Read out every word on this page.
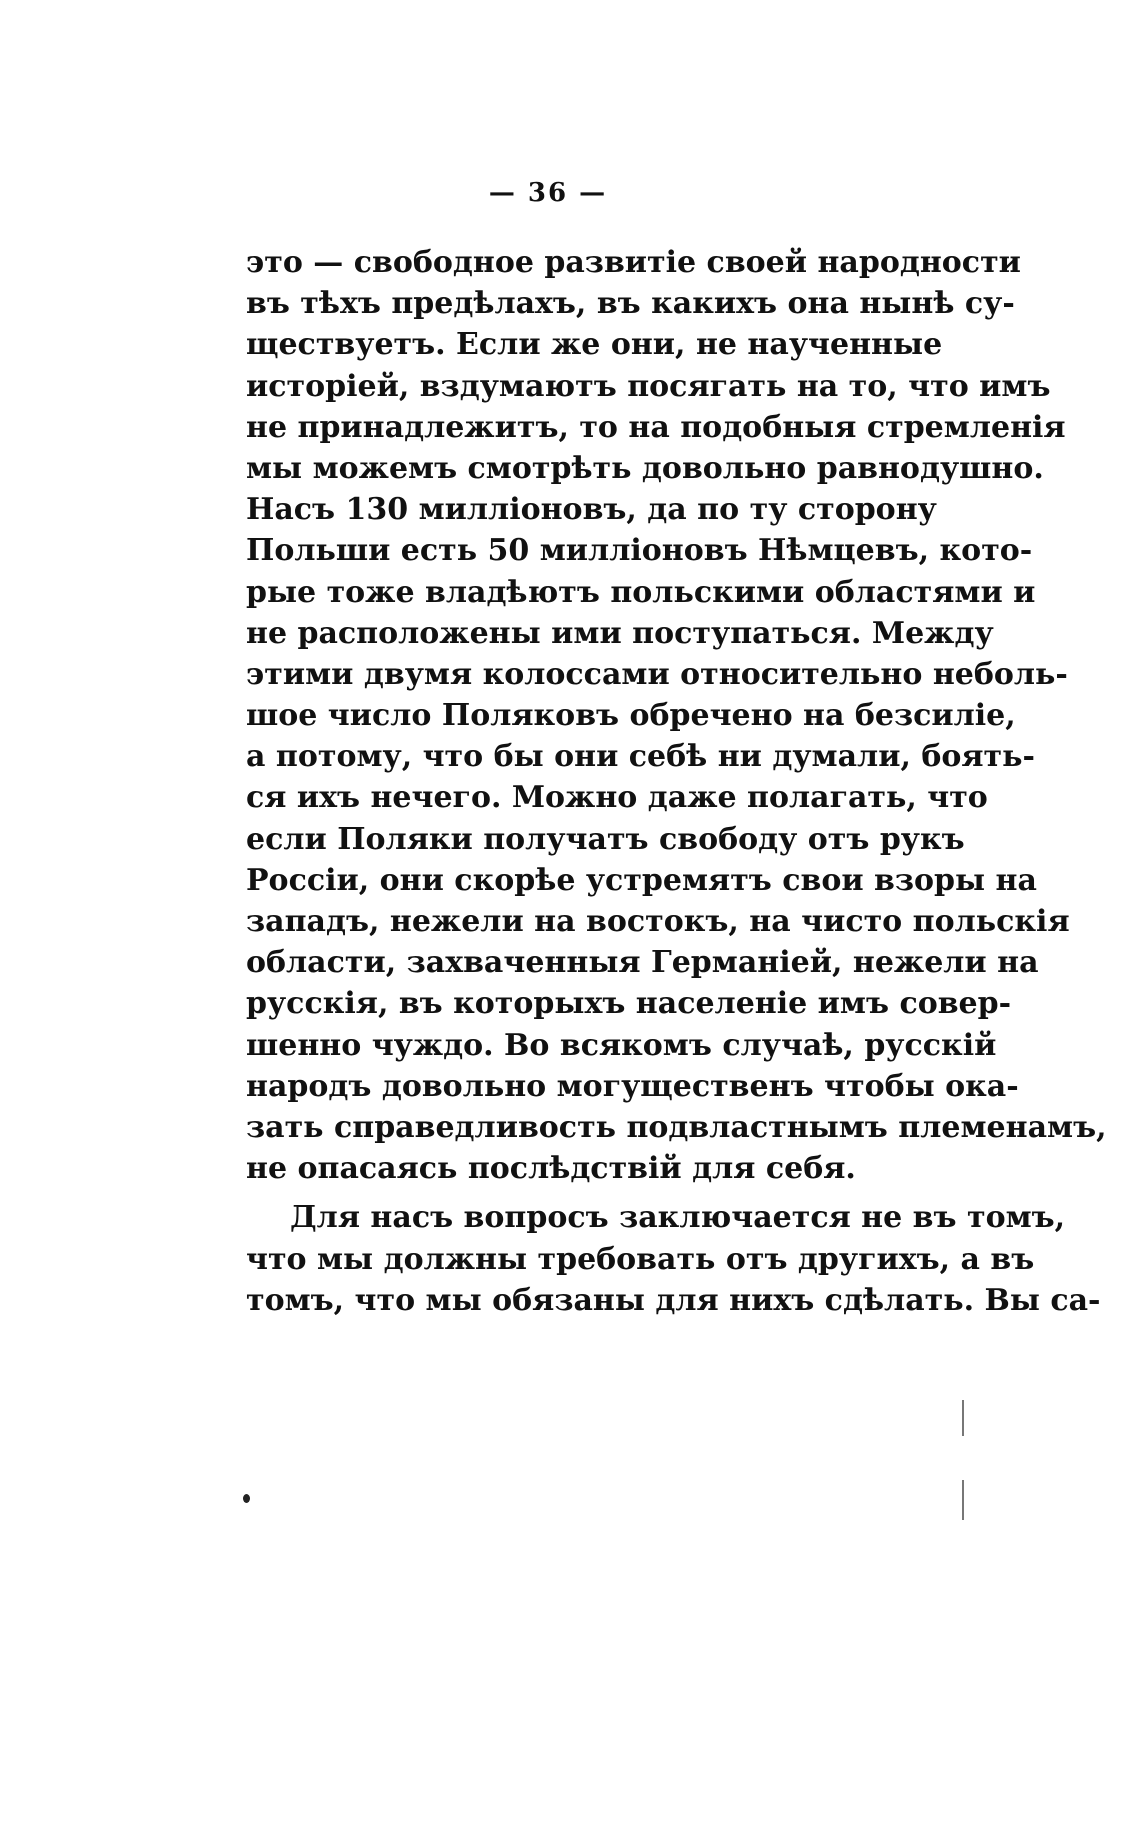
— 36 —
это — свободное развитіе своей народности
въ тѣхъ предѣлахъ, въ какихъ она нынѣ су-
ществуетъ. Если же они, не наученные
исторіей, вздумаютъ посягать на то, что имъ
не принадлежитъ, то на подобныя стремленія
мы можемъ смотрѣть довольно равнодушно.
Насъ 130 милліоновъ, да по ту сторону
Польши есть 50 милліоновъ Нѣмцевъ, кото-
рые тоже владѣютъ польскими областями и
не расположены ими поступаться. Между
этими двумя колоссами относительно неболь-
шое число Поляковъ обречено на безсиліе,
а потому, что бы они себѣ ни думали, боять-
ся ихъ нечего. Можно даже полагать, что
если Поляки получатъ свободу отъ рукъ
Россіи, они скорѣе устремятъ свои взоры на
западъ, нежели на востокъ, на чисто польскія
области, захваченныя Германіей, нежели на
русскія, въ которыхъ населеніе имъ совер-
шенно чуждо. Во всякомъ случаѣ, русскій
народъ довольно могущественъ чтобы ока-
зать справедливость подвластнымъ племенамъ,
не опасаясь послѣдствій для себя.
Для насъ вопросъ заключается не въ томъ,
что мы должны требовать отъ другихъ, а въ
томъ, что мы обязаны для нихъ сдѣлать. Вы са-
